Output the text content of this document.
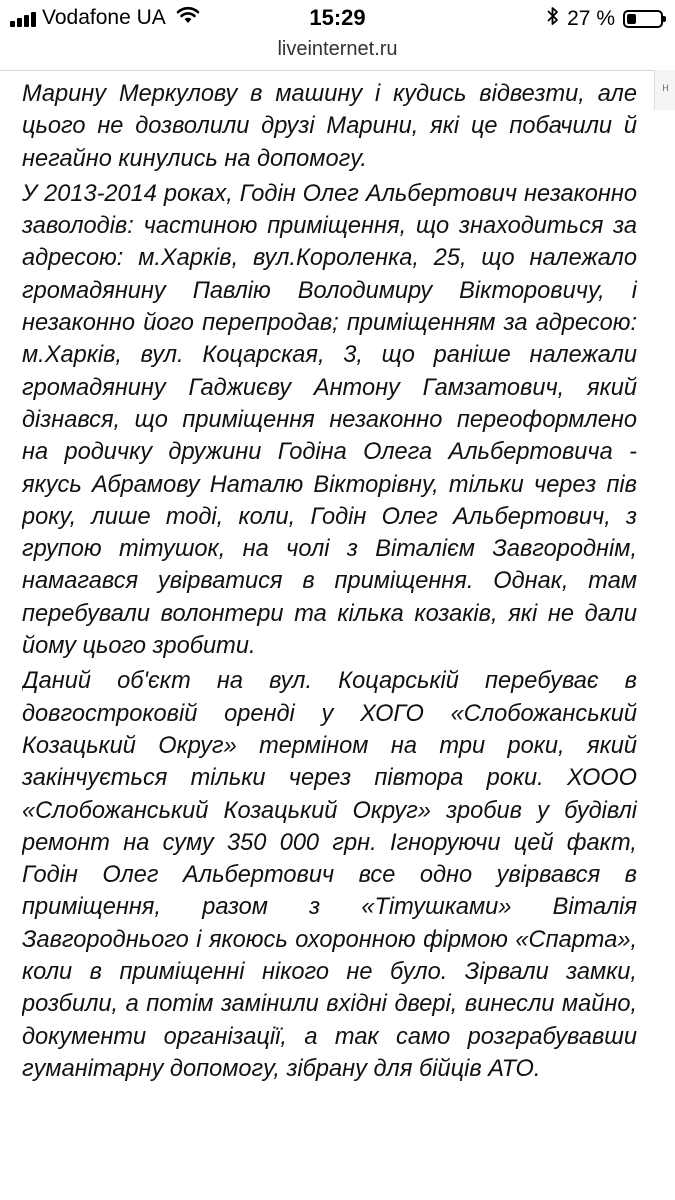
Vodafone UA	15:29	27 %
liveinternet.ru
Н

Марину Меркулову в машину і кудись відвезти, але цього не дозволили друзі Марини, які це побачили й негайно кинулись на допомогу.

У 2013-2014 роках, Годін Олег Альбертович незаконно заволодів: частиною приміщення, що знаходиться за адресою: м.Харків, вул.Короленка, 25, що належало громадянину Павлію Володимиру Вікторовичу, і незаконно його перепродав; приміщенням за адресою: м.Харків, вул. Коцарская, 3, що раніше належали громадянину Гаджиєву Антону Гамзатович, який дізнався, що приміщення незаконно переоформлено на родичку дружини Годіна Олега Альбертовича - якусь Абрамову Наталю Вікторівну, тільки через пів року, лише тоді, коли, Годін Олег Альбертович, з групою тітушок, на чолі з Віталієм Завгороднім, намагався увірватися в приміщення. Однак, там перебували волонтери та кілька козаків, які не дали йому цього зробити.

Даний об'єкт на вул. Коцарській перебуває в довгостроковій оренді у ХОГО «Слобожанський Козацький Округ» терміном на три роки, який закінчується тільки через півтора роки. ХООО «Слобожанський Козацький Округ» зробив у будівлі ремонт на суму 350 000 грн. Ігноруючи цей факт, Годін Олег Альбертович все одно увірвався в приміщення, разом з «Тітушками» Віталія Завгороднього і якоюсь охоронною фірмою «Спарта», коли в приміщенні нікого не було. Зірвали замки, розбили, а потім замінили вхідні двері, винесли майно, документи організації, а так само розграбувавши гуманітарну допомогу, зібрану для бійців АТО.
